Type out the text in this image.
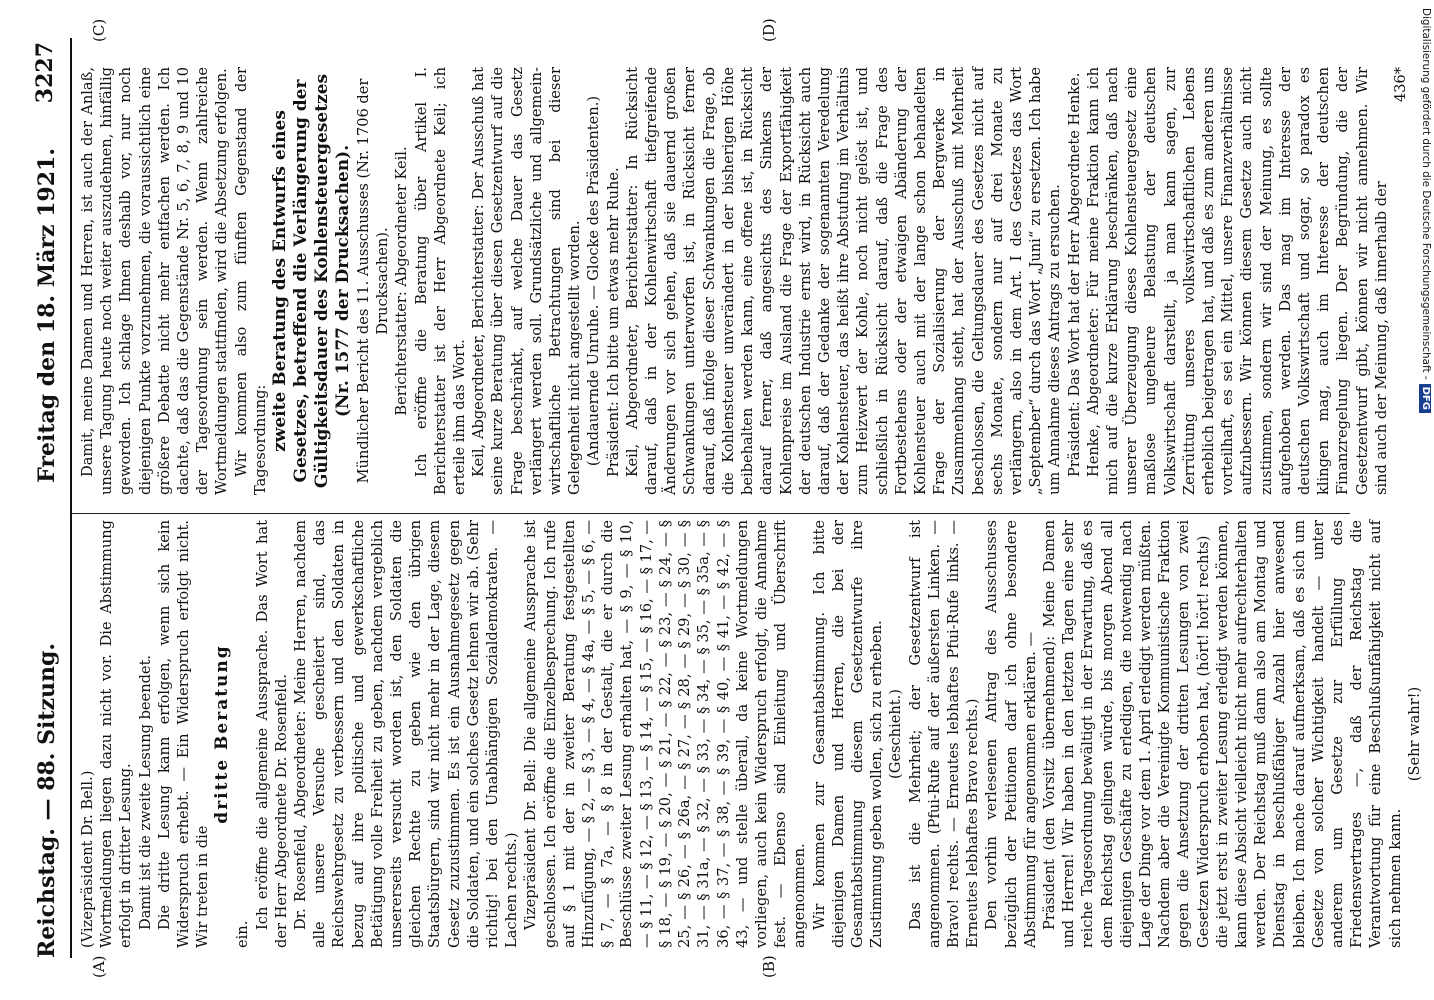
Reichstag. — 88. Sitzung.
Freitag den 18. März 1921.
3227
(A)	(B)
(C)	(D)

(Vizepräsident Dr. Bell.) Wortmeldungen liegen dazu nicht vor. Die Abstimmung erfolgt in dritter Lesung. Damit ist die zweite Lesung beendet. Die dritte Lesung kann erfolgen, wenn sich kein Widerspruch erhebt. — Ein Widerspruch erfolgt nicht. Wir treten in die

dritte Beratung

ein.

Ich eröffne die allgemeine Aussprache. Das Wort hat der Herr Abgeordnete Dr. Rosenfeld. Dr. Rosenfeld, Abgeordneter: Meine Herren, nachdem alle unsere Versuche gescheitert sind, das Reichswehrgesetz zu verbessern und den Soldaten in bezug auf ihre politische und gewerkschaftliche Betätigung volle Freiheit zu geben, nachdem vergeblich unsererseits versucht worden ist, den Soldaten die gleichen Rechte zu geben wie den übrigen Staatsbürgern, sind wir nicht mehr in der Lage, diesem Gesetz zuzustimmen. Es ist ein Ausnahmegesetz gegen die Soldaten, und ein solches Gesetz lehnen wir ab. (Sehr richtig! bei den Unabhängigen Sozialdemokraten. — Lachen rechts.) Vizepräsident Dr. Bell: Die allgemeine Aussprache ist geschlossen. Ich eröffne die Einzelbesprechung. Ich rufe auf § 1 mit der in zweiter Beratung festgestellten Hinzufügung, — § 2, — § 3, — § 4, — § 4a, — § 5, — § 6, — § 7, — § 7a, — § 8 in der Gestalt, die er durch die Beschlüsse zweiter Lesung erhalten hat, — § 9, — § 10, — § 11, — § 12, — § 13, — § 14, — § 15, — § 16, — § 17, — § 18, — § 19, — § 20, — § 21, — § 22, — § 23, — § 24, — § 25, — § 26, — § 26a, — § 27, — § 28, — § 29, — § 30, — § 31, — § 31a, — § 32, — § 33, — § 34, — § 35, — § 35a, — § 36, — § 37, — § 38, — § 39, — § 40, — § 41, — § 42, — § 43, — und stelle überall, da keine Wortmeldungen vorliegen, auch kein Widerspruch erfolgt, die Annahme fest. — Ebenso sind Einleitung und Überschrift angenommen. Wir kommen zur Gesamtabstimmung. Ich bitte diejenigen Damen und Herren, die bei der Gesamtabstimmung diesem Gesetzentwurfe ihre Zustimmung geben wollen, sich zu erheben. (Geschieht.) Das ist die Mehrheit; der Gesetzentwurf ist angenommen. (Pfui-Rufe auf der äußersten Linken. — Bravo! rechts. — Erneutes lebhaftes Pfui-Rufe links. — Erneutes lebhaftes Bravo rechts.) Den vorhin verlesenen Antrag des Ausschusses bezüglich der Petitionen darf ich ohne besondere Abstimmung für angenommen erklären. — Präsident (den Vorsitz übernehmend): Meine Damen und Herren! Wir haben in den letzten Tagen eine sehr reiche Tagesordnung bewältigt in der Erwartung, daß es dem Reichstag gelingen würde, bis morgen Abend all diejenigen Geschäfte zu erledigen, die notwendig nach Lage der Dinge vor dem 1. April erledigt werden müßten. Nachdem aber die Vereinigte Kommunistische Fraktion gegen die Ansetzung der dritten Lesungen von zwei Gesetzen Widerspruch erhoben hat, (hört! hört! rechts) die jetzt erst in zweiter Lesung erledigt werden können, kann diese Absicht vielleicht nicht mehr aufrechterhalten werden. Der Reichstag muß dann also am Montag und Dienstag in beschlußfähiger Anzahl hier anwesend bleiben. Ich mache darauf aufmerksam, daß es sich um Gesetze von solcher Wichtigkeit handelt — unter anderem um Gesetze zur Erfüllung des Friedensvertrages —, daß der Reichstag die Verantwortung für eine Beschlußunfähigkeit nicht auf sich nehmen kann.

(Sehr wahr!)

Damit, meine Damen und Herren, ist auch der Anlaß, unsere Tagung heute noch weiter auszudehnen, hinfällig geworden. Ich schlage Ihnen deshalb vor, nur noch diejenigen Punkte vorzunehmen, die voraussichtlich eine größere Debatte nicht mehr entfachen werden. Ich dachte, daß das die Gegenstände Nr. 5, 6, 7, 8, 9 und 10 der Tagesordnung sein werden. Wenn zahlreiche Wortmeldungen stattfinden, wird die Absetzung erfolgen. Wir kommen also zum fünften Gegenstand der Tagesordnung: zweite Beratung des Entwurfs eines Gesetzes, betreffend die Verlängerung der Gültigkeitsdauer des Kohlensteuergesetzes (Nr. 1577 der Drucksachen). Mündlicher Bericht des 11. Ausschusses (Nr. 1706 der Drucksachen). Berichterstatter: Abgeordneter Keil. Ich eröffne die Beratung über Artikel I. Berichterstatter ist der Herr Abgeordnete Keil; ich erteile ihm das Wort. Keil, Abgeordneter, Berichterstatter: Der Ausschuß hat seine kurze Beratung über diesen Gesetzentwurf auf die Frage beschränkt, auf welche Dauer das Gesetz verlängert werden soll. Grundsätzliche und allgemein-wirtschaftliche Betrachtungen sind bei dieser Gelegenheit nicht angestellt worden. (Andauernde Unruhe. — Glocke des Präsidenten.) Präsident: Ich bitte um etwas mehr Ruhe. Keil, Abgeordneter, Berichterstatter: In Rücksicht darauf, daß in der Kohlenwirtschaft tiefgreifende Änderungen vor sich gehen, daß sie dauernd großen Schwankungen unterworfen ist, in Rücksicht ferner darauf, daß infolge dieser Schwankungen die Frage, ob die Kohlensteuer unverändert in der bisherigen Höhe beibehalten werden kann, eine offene ist, in Rücksicht darauf ferner, daß angesichts des Sinkens der Kohlenpreise im Ausland die Frage der Exportfähigkeit der deutschen Industrie ernst wird, in Rücksicht auch darauf, daß der Gedanke der sogenannten Veredelung der Kohlensteuer, das heißt ihre Abstufung im Verhältnis zum Heizwert der Kohle, noch nicht gelöst ist, und schließlich in Rücksicht darauf, daß die Frage des Fortbestehens oder der etwaigen Abänderung der Kohlensteuer auch mit der lange schon behandelten Frage der Sozialisierung der Bergwerke in Zusammenhang steht, hat der Ausschuß mit Mehrheit beschlossen, die Geltungsdauer des Gesetzes nicht auf sechs Monate, sondern nur auf drei Monate zu verlängern, also in dem Art. I des Gesetzes das Wort „September“ durch das Wort „Juni“ zu ersetzen. Ich habe um Annahme dieses Antrags zu ersuchen. Präsident: Das Wort hat der Herr Abgeordnete Henke. Henke, Abgeordneter: Für meine Fraktion kann ich mich auf die kurze Erklärung beschränken, daß nach unserer Überzeugung dieses Kohlensteuergesetz eine maßlose ungeheure Belastung der deutschen Volkswirtschaft darstellt, ja man kann sagen, zur Zerrüttung unseres volkswirtschaftlichen Lebens erheblich beigetragen hat, und daß es zum anderen uns vorteilhaft, es sei ein Mittel, unsere Finanzverhältnisse aufzubessern. Wir können diesem Gesetze auch nicht zustimmen, sondern wir sind der Meinung, es sollte aufgehoben werden. Das mag im Interesse der deutschen Volkswirtschaft und sogar, so paradox es klingen mag, auch im Interesse der deutschen Finanzregelung liegen. Der Begründung, die der Gesetzentwurf gibt, können wir nicht annehmen. Wir sind auch der Meinung, daß innerhalb der

436* Digitalisierung gefördert durch die Deutsche Forschungsgemeinschaft -DFG
